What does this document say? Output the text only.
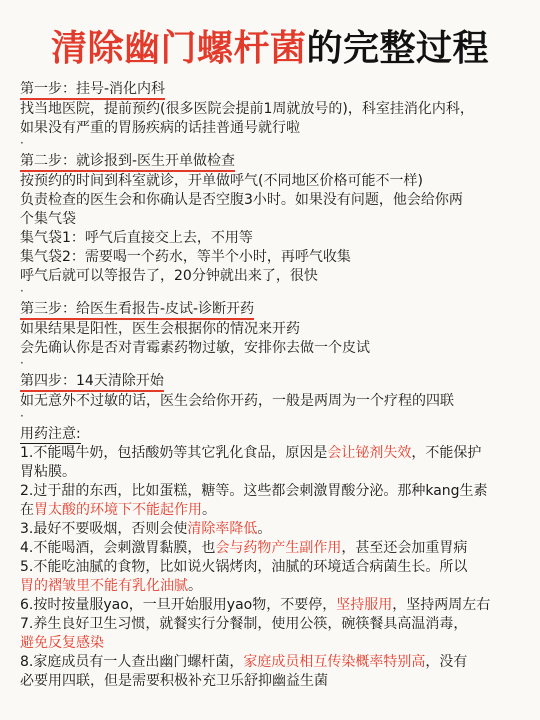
清除幽门螺杆菌的完整过程
第一步：挂号-消化内科

找当地医院，提前预约(很多医院会提前1周就放号的)，科室挂消化内科，

如果没有严重的胃肠疾病的话挂普通号就行啦

·

第二步：就诊报到-医生开单做检查

按预约的时间到科室就诊，开单做呼气(不同地区价格可能不一样)

负责检查的医生会和你确认是否空腹3小时。如果没有问题，他会给你两

个集气袋

集气袋1：呼气后直接交上去，不用等

集气袋2：需要喝一个药水，等半个小时，再呼气收集

呼气后就可以等报告了，20分钟就出来了，很快

·

第三步：给医生看报告-皮试-诊断开药

如果结果是阳性，医生会根据你的情况来开药

会先确认你是否对青霉素药物过敏，安排你去做一个皮试

·

第四步：14天清除开始

如无意外不过敏的话，医生会给你开药，一般是两周为一个疗程的四联

·

用药注意:

1.不能喝牛奶，包括酸奶等其它乳化食品，原因是会让铋剂失效，不能保护

胃粘膜。

2.过于甜的东西，比如蛋糕，糖等。这些都会刺激胃酸分泌。那种kang生素

在胃太酸的环境下不能起作用。

3.最好不要吸烟，否则会使清除率降低。

4.不能喝酒，会刺激胃黏膜，也会与药物产生副作用，甚至还会加重胃病

5.不能吃油腻的食物，比如说火锅烤肉，油腻的环境适合病菌生长。所以

胃的褶皱里不能有乳化油腻。

6.按时按量服yao，一旦开始服用yao物，不要停，坚持服用，坚持两周左右

7.养生良好卫生习惯，就餐实行分餐制，使用公筷，碗筷餐具高温消毒，

避免反复感染

8.家庭成员有一人查出幽门螺杆菌，家庭成员相互传染概率特别高，没有

必要用四联，但是需要积极补充卫乐舒抑幽益生菌
